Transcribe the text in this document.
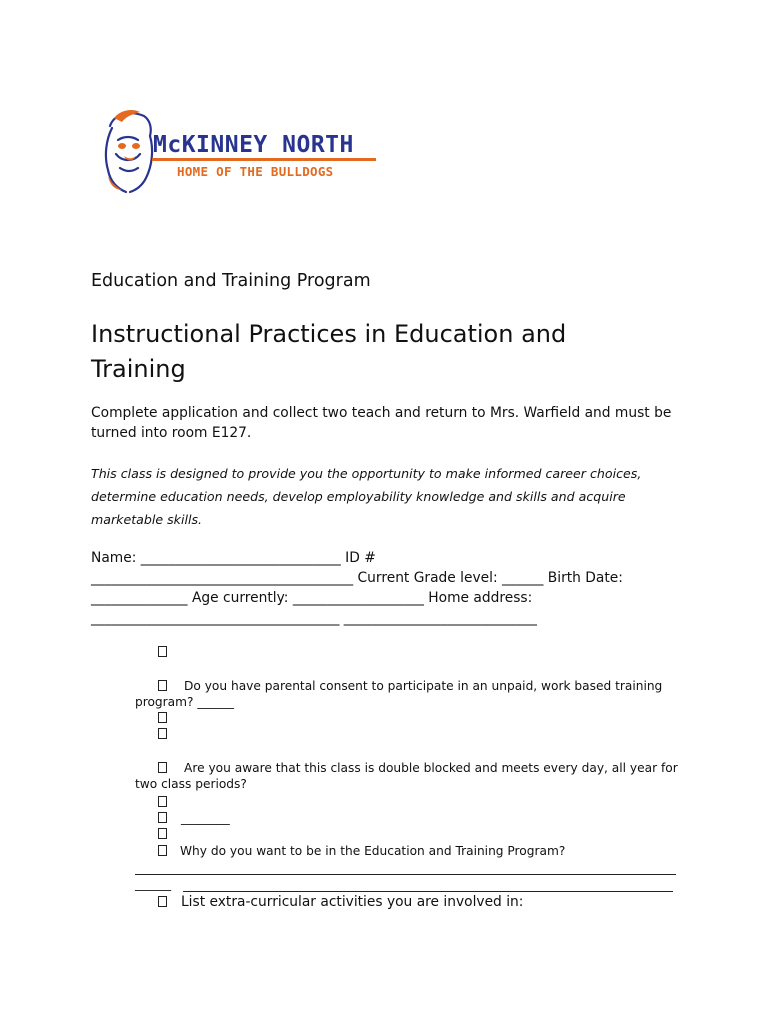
McKINNEY NORTH
HOME OF THE BULLDOGS
Education and Training Program
Instructional Practices in Education and Training
Complete application and collect two teach and return to Mrs. Warfield and must be turned into room E127.
This class is designed to provide you the opportunity to make informed career choices, determine education needs, develop employability knowledge and skills and acquire marketable skills.
Name: _____________________________ ID #
______________________________________ Current Grade level: ______ Birth Date:
______________ Age currently: ___________________ Home address:
____________________________________ ____________________________
Do you have parental consent to participate in an unpaid, work based training program? ______
Are you aware that this class is double blocked and meets every day, all year for two class periods?
________
Why do you want to be in the Education and Training Program?
______
List extra-curricular activities you are involved in:
